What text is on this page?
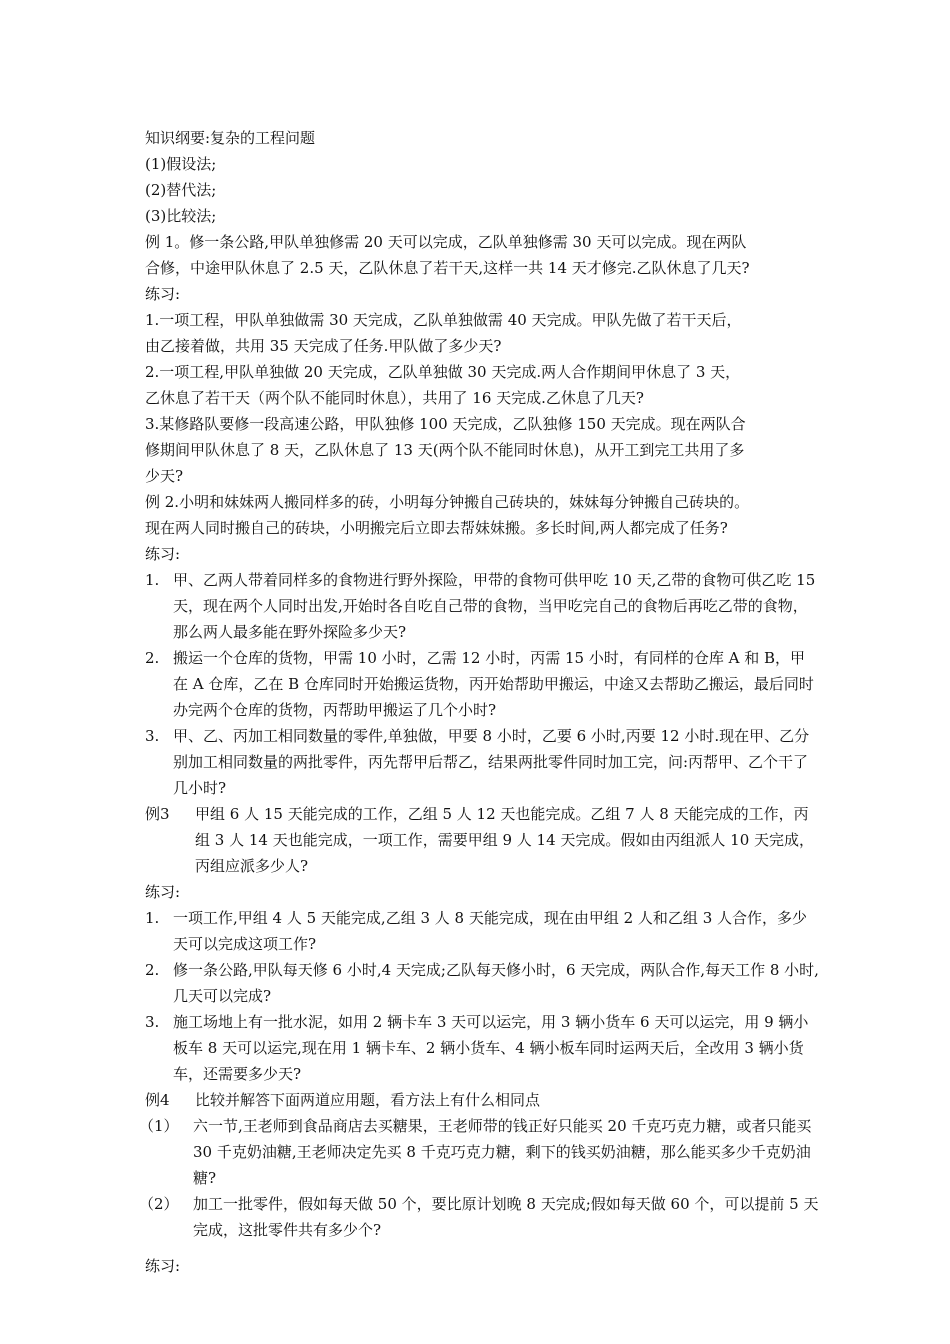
知识纲要:复杂的工程问题
(1)假设法;
(2)替代法;
(3)比较法;
例 1。修一条公路,甲队单独修需 20 天可以完成，乙队单独修需 30 天可以完成。现在两队
合修，中途甲队休息了 2.5 天，乙队休息了若干天,这样一共 14 天才修完.乙队休息了几天?
练习:
1.一项工程，甲队单独做需 30 天完成，乙队单独做需 40 天完成。甲队先做了若干天后，
由乙接着做，共用 35 天完成了任务.甲队做了多少天?
2.一项工程,甲队单独做 20 天完成，乙队单独做 30 天完成.两人合作期间甲休息了 3 天，
乙休息了若干天（两个队不能同时休息），共用了 16 天完成.乙休息了几天?
3.某修路队要修一段高速公路，甲队独修 100 天完成，乙队独修 150 天完成。现在两队合
修期间甲队休息了 8 天，乙队休息了 13 天(两个队不能同时休息)，从开工到完工共用了多
少天?
例 2.小明和妹妹两人搬同样多的砖，小明每分钟搬自己砖块的，妹妹每分钟搬自己砖块的。
现在两人同时搬自己的砖块，小明搬完后立即去帮妹妹搬。多长时间,两人都完成了任务?
练习:
1. 甲、乙两人带着同样多的食物进行野外探险，甲带的食物可供甲吃 10 天,乙带的食物可供乙吃 15 天，现在两个人同时出发,开始时各自吃自己带的食物，当甲吃完自己的食物后再吃乙带的食物，那么两人最多能在野外探险多少天?
2. 搬运一个仓库的货物，甲需 10 小时，乙需 12 小时，丙需 15 小时，有同样的仓库 A 和 B，甲在 A 仓库，乙在 B 仓库同时开始搬运货物，丙开始帮助甲搬运，中途又去帮助乙搬运，最后同时办完两个仓库的货物，丙帮助甲搬运了几个小时?
3. 甲、乙、丙加工相同数量的零件,单独做，甲要 8 小时，乙要 6 小时,丙要 12 小时.现在甲、乙分别加工相同数量的两批零件，丙先帮甲后帮乙，结果两批零件同时加工完，问:丙帮甲、乙个干了几小时?
例3	甲组 6 人 15 天能完成的工作，乙组 5 人 12 天也能完成。乙组 7 人 8 天能完成的工作，丙组 3 人 14 天也能完成，一项工作，需要甲组 9 人 14 天完成。假如由丙组派人 10 天完成，丙组应派多少人?
练习:
1. 一项工作,甲组 4 人 5 天能完成,乙组 3 人 8 天能完成，现在由甲组 2 人和乙组 3 人合作，多少天可以完成这项工作?
2. 修一条公路,甲队每天修 6 小时,4 天完成;乙队每天修小时，6 天完成，两队合作,每天工作 8 小时,几天可以完成?
3. 施工场地上有一批水泥，如用 2 辆卡车 3 天可以运完，用 3 辆小货车 6 天可以运完，用 9 辆小板车 8 天可以运完,现在用 1 辆卡车、2 辆小货车、4 辆小板车同时运两天后，全改用 3 辆小货车，还需要多少天?
例4	比较并解答下面两道应用题，看方法上有什么相同点
（1） 六一节,王老师到食品商店去买糖果，王老师带的钱正好只能买 20 千克巧克力糖，或者只能买 30 千克奶油糖,王老师决定先买 8 千克巧克力糖，剩下的钱买奶油糖，那么能买多少千克奶油糖?
（2） 加工一批零件，假如每天做 50 个，要比原计划晚 8 天完成;假如每天做 60 个，可以提前 5 天完成，这批零件共有多少个?
练习:
